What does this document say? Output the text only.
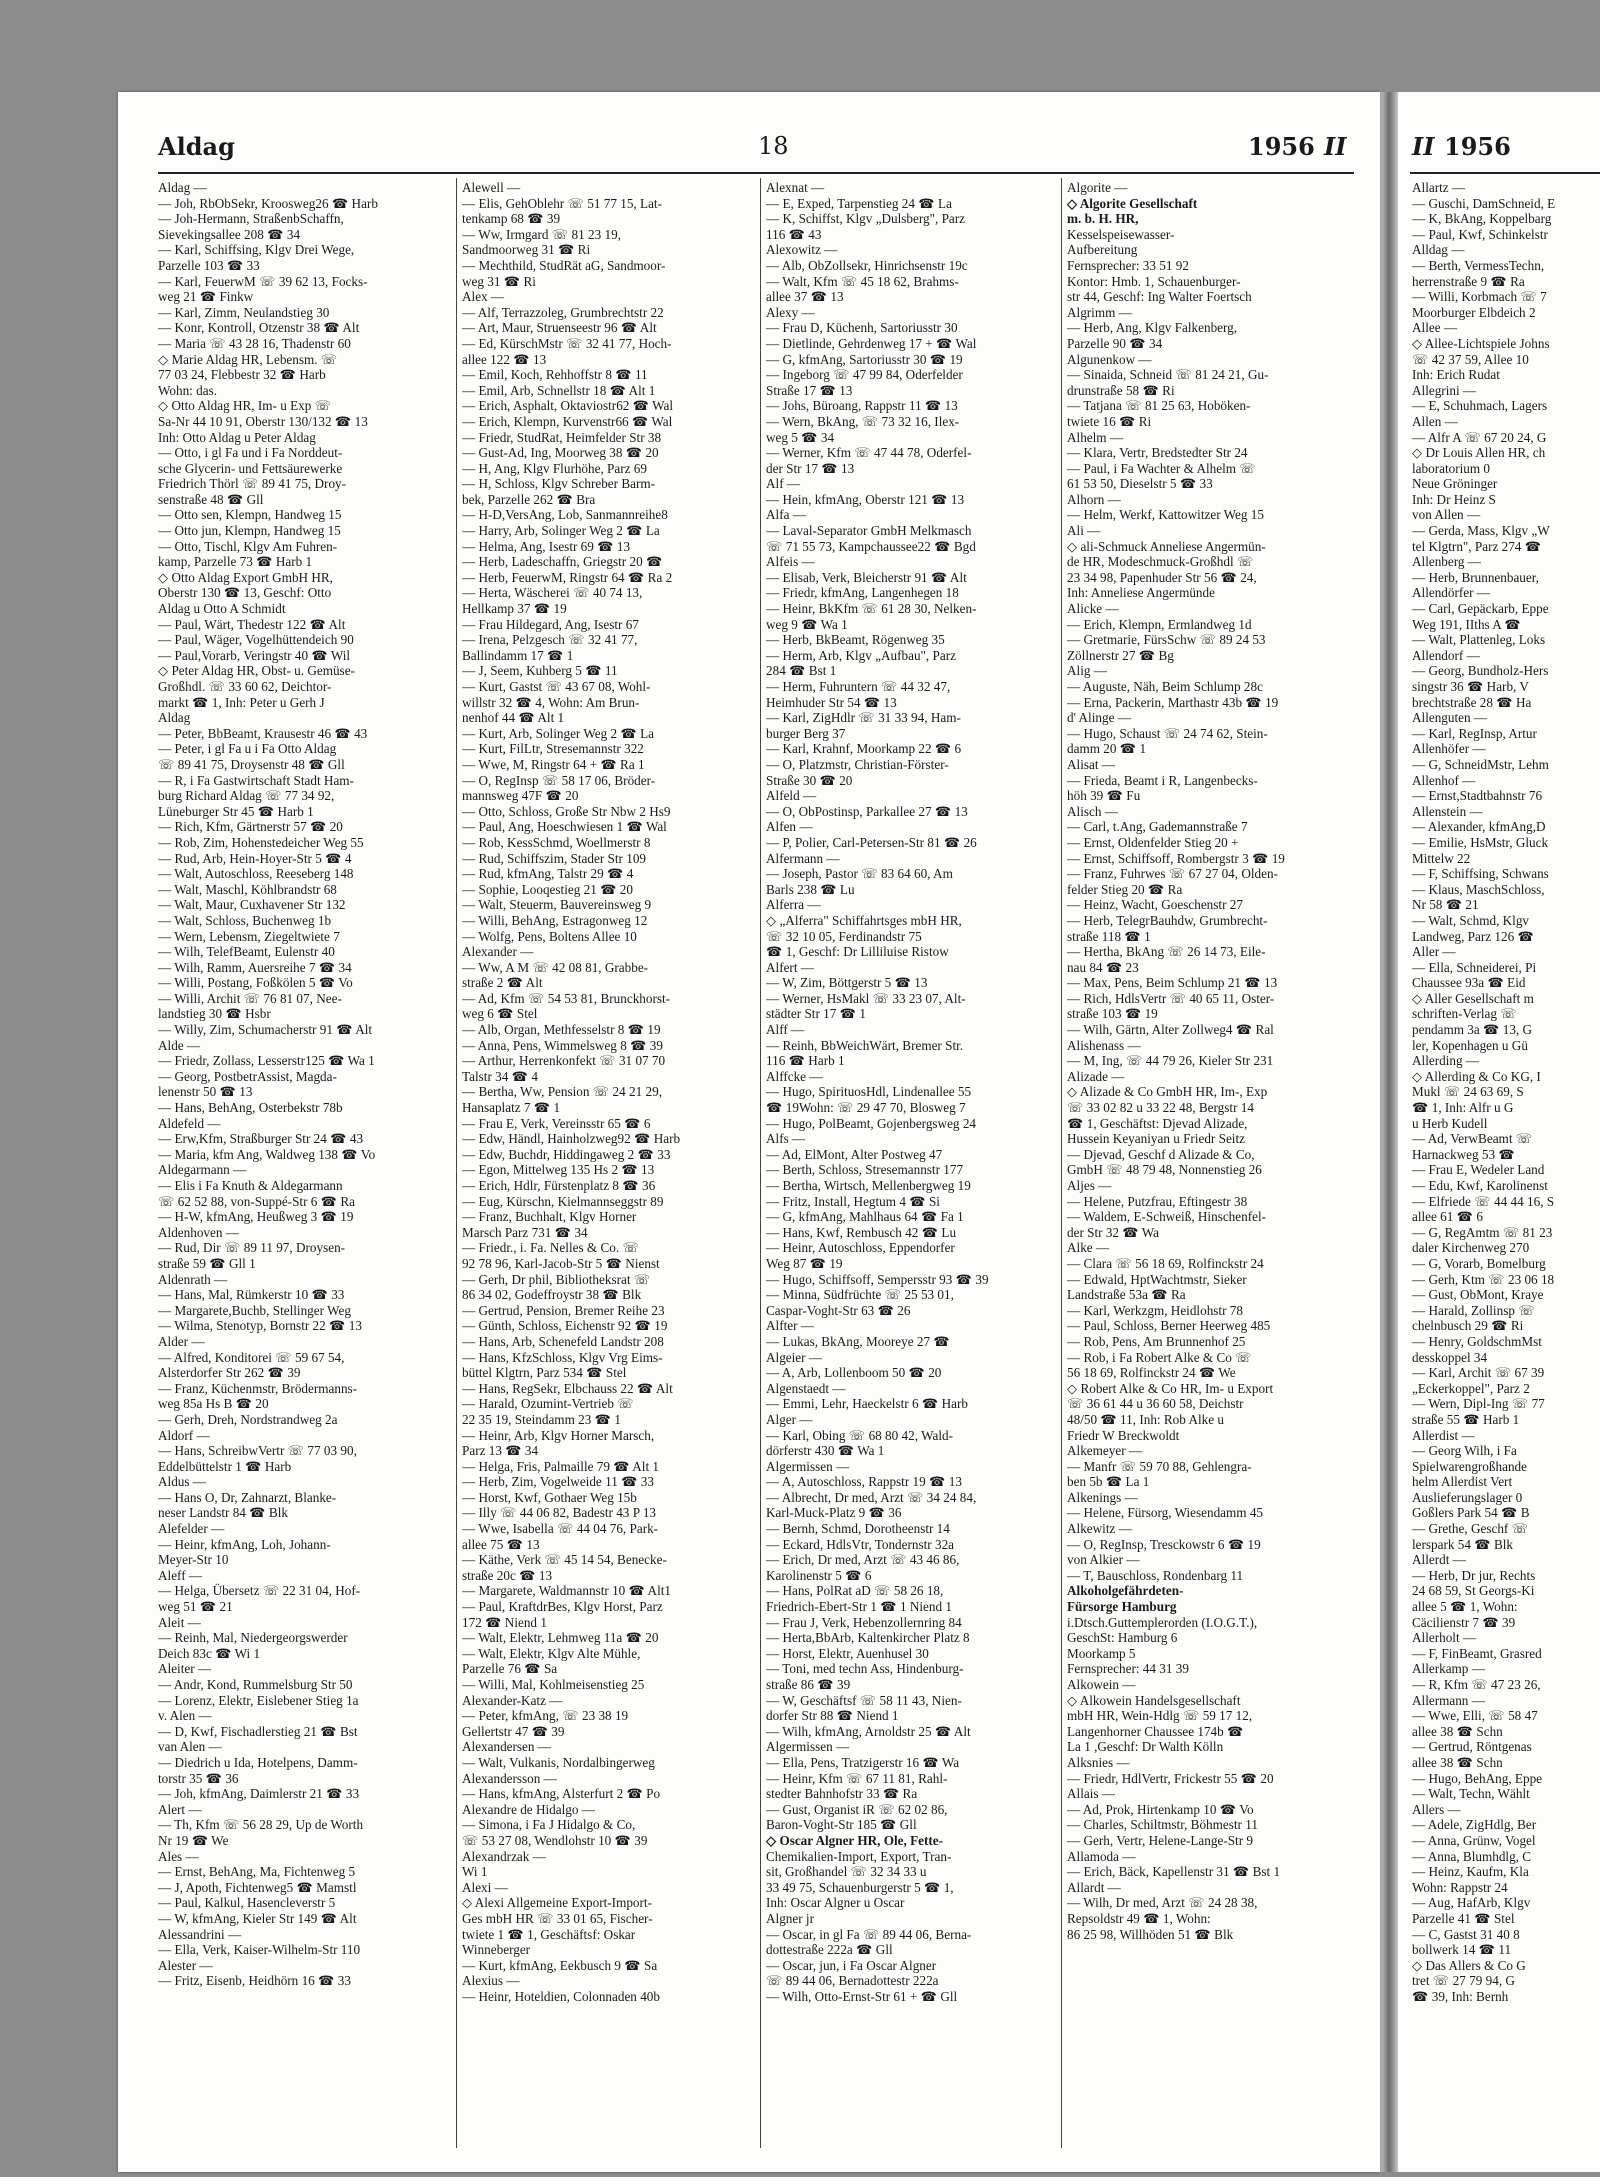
Aldag	18	1956 II
Aldag —
— Joh, RbObSekr, Kroosweg26 ☎ Harb
— Joh-Hermann, StraßenbSchaffn,
Sievekingsallee 208 ☎ 34
— Karl, Schiffsing, Klgv Drei Wege,
Parzelle 103 ☎ 33
— Karl, FeuerwM ☏ 39 62 13, Focks-
weg 21 ☎ Finkw
— Karl, Zimm, Neulandstieg 30
— Konr, Kontroll, Otzenstr 38 ☎ Alt
— Maria ☏ 43 28 16, Thadenstr 60
◇ Marie Aldag HR, Lebensm. ☏
77 03 24, Flebbestr 32 ☎ Harb
Wohn: das.
◇ Otto Aldag HR, Im- u Exp ☏
Sa-Nr 44 10 91, Oberstr 130/132 ☎ 13
Inh: Otto Aldag u Peter Aldag
— Otto, i gl Fa und i Fa Norddeut-
sche Glycerin- und Fettsäurewerke
Friedrich Thörl ☏ 89 41 75, Droy-
senstraße 48 ☎ Gll
— Otto sen, Klempn, Handweg 15
— Otto jun, Klempn, Handweg 15
— Otto, Tischl, Klgv Am Fuhren-
kamp, Parzelle 73 ☎ Harb 1
◇ Otto Aldag Export GmbH HR,
Oberstr 130 ☎ 13, Geschf: Otto
Aldag u Otto A Schmidt
— Paul, Wärt, Thedestr 122 ☎ Alt
— Paul, Wäger, Vogelhüttendeich 90
— Paul,Vorarb, Veringstr 40 ☎ Wil
◇ Peter Aldag HR, Obst- u. Gemüse-
Großhdl. ☏ 33 60 62, Deichtor-
markt ☎ 1, Inh: Peter u Gerh J
Aldag
— Peter, BbBeamt, Krausestr 46 ☎ 43
— Peter, i gl Fa u i Fa Otto Aldag
☏ 89 41 75, Droysenstr 48 ☎ Gll
— R, i Fa Gastwirtschaft Stadt Ham-
burg Richard Aldag ☏ 77 34 92,
Lüneburger Str 45 ☎ Harb 1
— Rich, Kfm, Gärtnerstr 57 ☎ 20
— Rob, Zim, Hohenstedeicher Weg 55
— Rud, Arb, Hein-Hoyer-Str 5 ☎ 4
— Walt, Autoschloss, Reeseberg 148
— Walt, Maschl, Köhlbrandstr 68
— Walt, Maur, Cuxhavener Str 132
— Walt, Schloss, Buchenweg 1b
— Wern, Lebensm, Ziegeltwiete 7
— Wilh, TelefBeamt, Eulenstr 40
— Wilh, Ramm, Auersreihe 7 ☎ 34
— Willi, Postang, Foßkölen 5 ☎ Vo
— Willi, Archit ☏ 76 81 07, Nee-
landstieg 30 ☎ Hsbr
— Willy, Zim, Schumacherstr 91 ☎ Alt
Alde —
— Friedr, Zollass, Lesserstr125 ☎ Wa 1
— Georg, PostbetrAssist, Magda-
lenenstr 50 ☎ 13
— Hans, BehAng, Osterbekstr 78b
Aldefeld —
— Erw,Kfm, Straßburger Str 24 ☎ 43
— Maria, kfm Ang, Waldweg 138 ☎ Vo
Aldegarmann —
— Elis i Fa Knuth & Aldegarmann
☏ 62 52 88, von-Suppé-Str 6 ☎ Ra
— H-W, kfmAng, Heußweg 3 ☎ 19
Aldenhoven —
— Rud, Dir ☏ 89 11 97, Droysen-
straße 59 ☎ Gll 1
Aldenrath —
— Hans, Mal, Rümkerstr 10 ☎ 33
— Margarete,Buchb, Stellinger Weg
— Wilma, Stenotyp, Bornstr 22 ☎ 13
Alder —
— Alfred, Konditorei ☏ 59 67 54,
Alsterdorfer Str 262 ☎ 39
— Franz, Küchenmstr, Brödermanns-
weg 85a Hs B ☎ 20
— Gerh, Dreh, Nordstrandweg 2a
Aldorf —
— Hans, SchreibwVertr ☏ 77 03 90,
Eddelbüttelstr 1 ☎ Harb
Aldus —
— Hans O, Dr, Zahnarzt, Blanke-
neser Landstr 84 ☎ Blk
Alefelder —
— Heinr, kfmAng, Loh, Johann-
Meyer-Str 10
Aleff —
— Helga, Übersetz ☏ 22 31 04, Hof-
weg 51 ☎ 21
Aleit —
— Reinh, Mal, Niedergeorgswerder
Deich 83c ☎ Wi 1
Aleiter —
— Andr, Kond, Rummelsburg Str 50
— Lorenz, Elektr, Eislebener Stieg 1a
v. Alen —
— D, Kwf, Fischadlerstieg 21 ☎ Bst
van Alen —
— Diedrich u Ida, Hotelpens, Damm-
torstr 35 ☎ 36
— Joh, kfmAng, Daimlerstr 21 ☎ 33
Alert —
— Th, Kfm ☏ 56 28 29, Up de Worth
Nr 19 ☎ We
Ales —
— Ernst, BehAng, Ma, Fichtenweg 5
— J, Apoth, Fichtenweg5 ☎ Mamstl
— Paul, Kalkul, Hasencleverstr 5
— W, kfmAng, Kieler Str 149 ☎ Alt
Alessandrini —
— Ella, Verk, Kaiser-Wilhelm-Str 110
Alester —
— Fritz, Eisenb, Heidhörn 16 ☎ 33
Alewell —
— Elis, GehOblehr ☏ 51 77 15, Lat-
tenkamp 68 ☎ 39
— Ww, Irmgard ☏ 81 23 19,
Sandmoorweg 31 ☎ Ri
— Mechthild, StudRät aG, Sandmoor-
weg 31 ☎ Ri
Alex —
— Alf, Terrazzoleg, Grumbrechtstr 22
— Art, Maur, Struenseestr 96 ☎ Alt
— Ed, KürschMstr ☏ 32 41 77, Hoch-
allee 122 ☎ 13
— Emil, Koch, Rehhoffstr 8 ☎ 11
— Emil, Arb, Schnellstr 18 ☎ Alt 1
— Erich, Asphalt, Oktaviostr62 ☎ Wal
— Erich, Klempn, Kurvenstr66 ☎ Wal
— Friedr, StudRat, Heimfelder Str 38
— Gust-Ad, Ing, Moorweg 38 ☎ 20
— H, Ang, Klgv Flurhöhe, Parz 69
— H, Schloss, Klgv Schreber Barm-
bek, Parzelle 262 ☎ Bra
— H-D,VersAng, Lob, Sanmannreihe8
— Harry, Arb, Solinger Weg 2 ☎ La
— Helma, Ang, Isestr 69 ☎ 13
— Herb, Ladeschaffn, Griegstr 20 ☎
— Herb, FeuerwM, Ringstr 64 ☎ Ra 2
— Herta, Wäscherei ☏ 40 74 13,
Hellkamp 37 ☎ 19
— Frau Hildegard, Ang, Isestr 67
— Irena, Pelzgesch ☏ 32 41 77,
Ballindamm 17 ☎ 1
— J, Seem, Kuhberg 5 ☎ 11
— Kurt, Gastst ☏ 43 67 08, Wohl-
willstr 32 ☎ 4, Wohn: Am Brun-
nenhof 44 ☎ Alt 1
— Kurt, Arb, Solinger Weg 2 ☎ La
— Kurt, FilLtr, Stresemannstr 322
— Wwe, M, Ringstr 64 + ☎ Ra 1
— O, RegInsp ☏ 58 17 06, Bröder-
mannsweg 47F ☎ 20
— Otto, Schloss, Große Str Nbw 2 Hs9
— Paul, Ang, Hoeschwiesen 1 ☎ Wal
— Rob, KessSchmd, Woellmerstr 8
— Rud, Schiffszim, Stader Str 109
— Rud, kfmAng, Talstr 29 ☎ 4
— Sophie, Looqestieg 21 ☎ 20
— Walt, Steuerm, Bauvereinsweg 9
— Willi, BehAng, Estragonweg 12
— Wolfg, Pens, Boltens Allee 10
Alexander —
— Ww, A M ☏ 42 08 81, Grabbe-
straße 2 ☎ Alt
— Ad, Kfm ☏ 54 53 81, Brunckhorst-
weg 6 ☎ Stel
— Alb, Organ, Methfesselstr 8 ☎ 19
— Anna, Pens, Wimmelsweg 8 ☎ 39
— Arthur, Herrenkonfekt ☏ 31 07 70
Talstr 34 ☎ 4
— Bertha, Ww, Pension ☏ 24 21 29,
Hansaplatz 7 ☎ 1
— Frau E, Verk, Vereinsstr 65 ☎ 6
— Edw, Händl, Hainholzweg92 ☎ Harb
— Edw, Buchdr, Hiddingaweg 2 ☎ 33
— Egon, Mittelweg 135 Hs 2 ☎ 13
— Erich, Hdlr, Fürstenplatz 8 ☎ 36
— Eug, Kürschn, Kielmannseggstr 89
— Franz, Buchhalt, Klgv Horner
Marsch Parz 731 ☎ 34
— Friedr., i. Fa. Nelles & Co. ☏
92 78 96, Karl-Jacob-Str 5 ☎ Nienst
— Gerh, Dr phil, Bibliotheksrat ☏
86 34 02, Godeffroystr 38 ☎ Blk
— Gertrud, Pension, Bremer Reihe 23
— Günth, Schloss, Eichenstr 92 ☎ 19
— Hans, Arb, Schenefeld Landstr 208
— Hans, KfzSchloss, Klgv Vrg Eims-
büttel Klgtrn, Parz 534 ☎ Stel
— Hans, RegSekr, Elbchauss 22 ☎ Alt
— Harald, Ozumint-Vertrieb ☏
22 35 19, Steindamm 23 ☎ 1
— Heinr, Arb, Klgv Horner Marsch,
Parz 13 ☎ 34
— Helga, Fris, Palmaille 79 ☎ Alt 1
— Herb, Zim, Vogelweide 11 ☎ 33
— Horst, Kwf, Gothaer Weg 15b
— Illy ☏ 44 06 82, Badestr 43 P 13
— Wwe, Isabella ☏ 44 04 76, Park-
allee 75 ☎ 13
— Käthe, Verk ☏ 45 14 54, Benecke-
straße 20c ☎ 13
— Margarete, Waldmannstr 10 ☎ Alt1
— Paul, KraftdrBes, Klgv Horst, Parz
172 ☎ Niend 1
— Walt, Elektr, Lehmweg 11a ☎ 20
— Walt, Elektr, Klgv Alte Mühle,
Parzelle 76 ☎ Sa
— Willi, Mal, Kohlmeisenstieg 25
Alexander-Katz —
— Peter, kfmAng, ☏ 23 38 19
Gellertstr 47 ☎ 39
Alexandersen —
— Walt, Vulkanis, Nordalbingerweg
Alexandersson —
— Hans, kfmAng, Alsterfurt 2 ☎ Po
Alexandre de Hidalgo —
— Simona, i Fa J Hidalgo & Co,
☏ 53 27 08, Wendlohstr 10 ☎ 39
Alexandrzak —
Wi 1
Alexi —
◇ Alexi Allgemeine Export-Import-
Ges mbH HR ☏ 33 01 65, Fischer-
twiete 1 ☎ 1, Geschäftsf: Oskar
Winneberger
— Kurt, kfmAng, Eekbusch 9 ☎ Sa
Alexius —
— Heinr, Hoteldien, Colonnaden 40b
Alexnat —
— E, Exped, Tarpenstieg 24 ☎ La
— K, Schiffst, Klgv „Dulsberg", Parz
116 ☎ 43
Alexowitz —
— Alb, ObZollsekr, Hinrichsenstr 19c
— Walt, Kfm ☏ 45 18 62, Brahms-
allee 37 ☎ 13
Alexy —
— Frau D, Küchenh, Sartoriusstr 30
— Dietlinde, Gehrdenweg 17 + ☎ Wal
— G, kfmAng, Sartoriusstr 30 ☎ 19
— Ingeborg ☏ 47 99 84, Oderfelder
Straße 17 ☎ 13
— Johs, Büroang, Rappstr 11 ☎ 13
— Wern, BkAng, ☏ 73 32 16, Ilex-
weg 5 ☎ 34
— Werner, Kfm ☏ 47 44 78, Oderfel-
der Str 17 ☎ 13
Alf —
— Hein, kfmAng, Oberstr 121 ☎ 13
Alfa —
— Laval-Separator GmbH Melkmasch
☏ 71 55 73, Kampchaussee22 ☎ Bgd
Alfeis —
— Elisab, Verk, Bleicherstr 91 ☎ Alt
— Friedr, kfmAng, Langenhegen 18
— Heinr, BkKfm ☏ 61 28 30, Nelken-
weg 9 ☎ Wa 1
— Herb, BkBeamt, Rögenweg 35
— Herm, Arb, Klgv „Aufbau", Parz
284 ☎ Bst 1
— Herm, Fuhruntern ☏ 44 32 47,
Heimhuder Str 54 ☎ 13
— Karl, ZigHdlr ☏ 31 33 94, Ham-
burger Berg 37
— Karl, Krahnf, Moorkamp 22 ☎ 6
— O, Platzmstr, Christian-Förster-
Straße 30 ☎ 20
Alfeld —
— O, ObPostinsp, Parkallee 27 ☎ 13
Alfen —
— P, Polier, Carl-Petersen-Str 81 ☎ 26
Alfermann —
— Joseph, Pastor ☏ 83 64 60, Am
Barls 238 ☎ Lu
Alferra —
◇ „Alferra" Schiffahrtsges mbH HR,
☏ 32 10 05, Ferdinandstr 75
☎ 1, Geschf: Dr Lilliluise Ristow
Alfert —
— W, Zim, Böttgerstr 5 ☎ 13
— Werner, HsMakl ☏ 33 23 07, Alt-
städter Str 17 ☎ 1
Alff —
— Reinh, BbWeichWärt, Bremer Str.
116 ☎ Harb 1
Alffcke —
— Hugo, SpirituosHdl, Lindenallee 55
☎ 19Wohn: ☏ 29 47 70, Blosweg 7
— Hugo, PolBeamt, Gojenbergsweg 24
Alfs —
— Ad, ElMont, Alter Postweg 47
— Berth, Schloss, Stresemannstr 177
— Bertha, Wirtsch, Mellenbergweg 19
— Fritz, Install, Hegtum 4 ☎ Si
— G, kfmAng, Mahlhaus 64 ☎ Fa 1
— Hans, Kwf, Rembusch 42 ☎ Lu
— Heinr, Autoschloss, Eppendorfer
Weg 87 ☎ 19
— Hugo, Schiffsoff, Sempersstr 93 ☎ 39
— Minna, Südfrüchte ☏ 25 53 01,
Caspar-Voght-Str 63 ☎ 26
Alfter —
— Lukas, BkAng, Mooreye 27 ☎
Algeier —
— A, Arb, Lollenboom 50 ☎ 20
Algenstaedt —
— Emmi, Lehr, Haeckelstr 6 ☎ Harb
Alger —
— Karl, Obing ☏ 68 80 42, Wald-
dörferstr 430 ☎ Wa 1
Algermissen —
— A, Autoschloss, Rappstr 19 ☎ 13
— Albrecht, Dr med, Arzt ☏ 34 24 84,
Karl-Muck-Platz 9 ☎ 36
— Bernh, Schmd, Dorotheenstr 14
— Eckard, HdlsVtr, Tondernstr 32a
— Erich, Dr med, Arzt ☏ 43 46 86,
Karolinenstr 5 ☎ 6
— Hans, PolRat aD ☏ 58 26 18,
Friedrich-Ebert-Str 1 ☎ 1 Niend 1
— Frau J, Verk, Hebenzollernring 84
— Herta,BbArb, Kaltenkircher Platz 8
— Horst, Elektr, Auenhusel 30
— Toni, med techn Ass, Hindenburg-
straße 86 ☎ 39
— W, Geschäftsf ☏ 58 11 43, Nien-
dorfer Str 88 ☎ Niend 1
— Wilh, kfmAng, Arnoldstr 25 ☎ Alt
Algermissen —
— Ella, Pens, Tratzigerstr 16 ☎ Wa
— Heinr, Kfm ☏ 67 11 81, Rahl-
stedter Bahnhofstr 33 ☎ Ra
— Gust, Organist iR ☏ 62 02 86,
Baron-Voght-Str 185 ☎ Gll
◇ Oscar Algner HR, Ole, Fette-
Chemikalien-Import, Export, Tran-
sit, Großhandel ☏ 32 34 33 u
33 49 75, Schauenburgerstr 5 ☎ 1,
Inh: Oscar Algner u Oscar
Algner jr
— Oscar, in gl Fa ☏ 89 44 06, Berna-
dottestraße 222a ☎ Gll
— Oscar, jun, i Fa Oscar Algner
☏ 89 44 06, Bernadottestr 222a
— Wilh, Otto-Ernst-Str 61 + ☎ Gll
Algorite —
◇ Algorite Gesellschaft
m. b. H. HR,
Kesselspeisewasser-
Aufbereitung
Fernsprecher: 33 51 92
Kontor: Hmb. 1, Schauenburger-
str 44, Geschf: Ing Walter Foertsch
Algrimm —
— Herb, Ang, Klgv Falkenberg,
Parzelle 90 ☎ 34
Algunenkow —
— Sinaida, Schneid ☏ 81 24 21, Gu-
drunstraße 58 ☎ Ri
— Tatjana ☏ 81 25 63, Hoböken-
twiete 16 ☎ Ri
Alhelm —
— Klara, Vertr, Bredstedter Str 24
— Paul, i Fa Wachter & Alhelm ☏
61 53 50, Dieselstr 5 ☎ 33
Alhorn —
— Helm, Werkf, Kattowitzer Weg 15
Ali —
◇ ali-Schmuck Anneliese Angermün-
de HR, Modeschmuck-Großhdl ☏
23 34 98, Papenhuder Str 56 ☎ 24,
Inh: Anneliese Angermünde
Alicke —
— Erich, Klempn, Ermlandweg 1d
— Gretmarie, FürsSchw ☏ 89 24 53
Zöllnerstr 27 ☎ Bg
Alig —
— Auguste, Näh, Beim Schlump 28c
— Erna, Packerin, Marthastr 43b ☎ 19
d' Alinge —
— Hugo, Schaust ☏ 24 74 62, Stein-
damm 20 ☎ 1
Alisat —
— Frieda, Beamt i R, Langenbecks-
höh 39 ☎ Fu
Alisch —
— Carl, t.Ang, Gademannstraße 7
— Ernst, Oldenfelder Stieg 20 +
— Ernst, Schiffsoff, Rombergstr 3 ☎ 19
— Franz, Fuhrwes ☏ 67 27 04, Olden-
felder Stieg 20 ☎ Ra
— Heinz, Wacht, Goeschenstr 27
— Herb, TelegrBauhdw, Grumbrecht-
straße 118 ☎ 1
— Hertha, BkAng ☏ 26 14 73, Eile-
nau 84 ☎ 23
— Max, Pens, Beim Schlump 21 ☎ 13
— Rich, HdlsVertr ☏ 40 65 11, Oster-
straße 103 ☎ 19
— Wilh, Gärtn, Alter Zollweg4 ☎ Ral
Alishenass —
— M, Ing, ☏ 44 79 26, Kieler Str 231
Alizade —
◇ Alizade & Co GmbH HR, Im-, Exp
☏ 33 02 82 u 33 22 48, Bergstr 14
☎ 1, Geschäftst: Djevad Alizade,
Hussein Keyaniyan u Friedr Seitz
— Djevad, Geschf d Alizade & Co,
GmbH ☏ 48 79 48, Nonnenstieg 26
Aljes —
— Helene, Putzfrau, Eftingestr 38
— Waldem, E-Schweiß, Hinschenfel-
der Str 32 ☎ Wa
Alke —
— Clara ☏ 56 18 69, Rolfinckstr 24
— Edwald, HptWachtmstr, Sieker
Landstraße 53a ☎ Ra
— Karl, Werkzgm, Heidlohstr 78
— Paul, Schloss, Berner Heerweg 485
— Rob, Pens, Am Brunnenhof 25
— Rob, i Fa Robert Alke & Co ☏
56 18 69, Rolfinckstr 24 ☎ We
◇ Robert Alke & Co HR, Im- u Export
☏ 36 61 44 u 36 60 58, Deichstr
48/50 ☎ 11, Inh: Rob Alke u
Friedr W Breckwoldt
Alkemeyer —
— Manfr ☏ 59 70 88, Gehlengra-
ben 5b ☎ La 1
Alkenings —
— Helene, Fürsorg, Wiesendamm 45
Alkewitz —
— O, RegInsp, Tresckowstr 6 ☎ 19
von Alkier —
— T, Bauschloss, Rondenbarg 11
Alkoholgefährdeten-
Fürsorge Hamburg
i.Dtsch.Guttemplerorden (I.O.G.T.),
GeschSt: Hamburg 6
Moorkamp 5
Fernsprecher: 44 31 39
Alkowein —
◇ Alkowein Handelsgesellschaft
mbH HR, Wein-Hdlg ☏ 59 17 12,
Langenhorner Chaussee 174b ☎
La 1 ,Geschf: Dr Walth Kölln
Alksnies —
— Friedr, HdlVertr, Frickestr 55 ☎ 20
Allais —
— Ad, Prok, Hirtenkamp 10 ☎ Vo
— Charles, Schiltmstr, Böhmestr 11
— Gerh, Vertr, Helene-Lange-Str 9
Allamoda —
— Erich, Bäck, Kapellenstr 31 ☎ Bst 1
Allardt —
— Wilh, Dr med, Arzt ☏ 24 28 38,
Repsoldstr 49 ☎ 1, Wohn:
86 25 98, Willhöden 51 ☎ Blk
II 1956
Allartz —
— Guschi, DamSchneid, E
— K, BkAng, Koppelbarg
— Paul, Kwf, Schinkelstr
Alldag —
— Berth, VermessTechn,
herrenstraße 9 ☎ Ra
— Willi, Korbmach ☏ 7
Moorburger Elbdeich 2
Allee —
◇ Allee-Lichtspiele Johns
☏ 42 37 59, Allee 10
Inh: Erich Rudat
Allegrini —
— E, Schuhmach, Lagers
Allen —
— Alfr A ☏ 67 20 24, G
◇ Dr Louis Allen HR, ch
laboratorium 0
Neue Gröninger
Inh: Dr Heinz S
von Allen —
— Gerda, Mass, Klgv „W
tel Klgtrn", Parz 274 ☎
Allenberg —
— Herb, Brunnenbauer,
Allendörfer —
— Carl, Gepäckarb, Eppe
Weg 191, IIths A ☎
— Walt, Plattenleg, Loks
Allendorf —
— Georg, Bundholz-Hers
singstr 36 ☎ Harb, V
brechtstraße 28 ☎ Ha
Allenguten —
— Karl, RegInsp, Artur
Allenhöfer —
— G, SchneidMstr, Lehm
Allenhof —
— Ernst,Stadtbahnstr 76
Allenstein —
— Alexander, kfmAng,D
— Emilie, HsMstr, Gluck
Mittelw 22
— F, Schiffsing, Schwans
— Klaus, MaschSchloss,
Nr 58 ☎ 21
— Walt, Schmd, Klgv
Landweg, Parz 126 ☎
Aller —
— Ella, Schneiderei, Pi
Chaussee 93a ☎ Eid
◇ Aller Gesellschaft m
schriften-Verlag ☏
pendamm 3a ☎ 13, G
ler, Kopenhagen u Gü
Allerding —
◇ Allerding & Co KG, I
Mukl ☏ 24 63 69, S
☎ 1, Inh: Alfr u G
u Herb Kudell
— Ad, VerwBeamt ☏
Harnackweg 53 ☎
— Frau E, Wedeler Land
— Edu, Kwf, Karolinenst
— Elfriede ☏ 44 44 16, S
allee 61 ☎ 6
— G, RegAmtm ☏ 81 23
daler Kirchenweg 270
— G, Vorarb, Bomelburg
— Gerh, Ktm ☏ 23 06 18
— Gust, ObMont, Kraye
— Harald, Zollinsp ☏
chelnbusch 29 ☎ Ri
— Henry, GoldschmMst
desskoppel 34
— Karl, Archit ☏ 67 39
„Eckerkoppel", Parz 2
— Wern, Dipl-Ing ☏ 77
straße 55 ☎ Harb 1
Allerdist —
— Georg Wilh, i Fa
Spielwarengroßhande
helm Allerdist Vert
Auslieferungslager 0
Goßlers Park 54 ☎ B
— Grethe, Geschf ☏
lerspark 54 ☎ Blk
Allerdt —
— Herb, Dr jur, Rechts
24 68 59, St Georgs-Ki
allee 5 ☎ 1, Wohn:
Cäcilienstr 7 ☎ 39
Allerholt —
— F, FinBeamt, Grasred
Allerkamp —
— R, Kfm ☏ 47 23 26,
Allermann —
— Wwe, Elli, ☏ 58 47
allee 38 ☎ Schn
— Gertrud, Röntgenas
allee 38 ☎ Schn
— Hugo, BehAng, Eppe
— Walt, Techn, Wählt
Allers —
— Adele, ZigHdlg, Ber
— Anna, Grünw, Vogel
— Anna, Blumhdlg, C
— Heinz, Kaufm, Kla
Wohn: Rappstr 24
— Aug, HafArb, Klgv
Parzelle 41 ☎ Stel
— C, Gastst 31 40 8
bollwerk 14 ☎ 11
◇ Das Allers & Co G
tret ☏ 27 79 94, G
☎ 39, Inh: Bernh
